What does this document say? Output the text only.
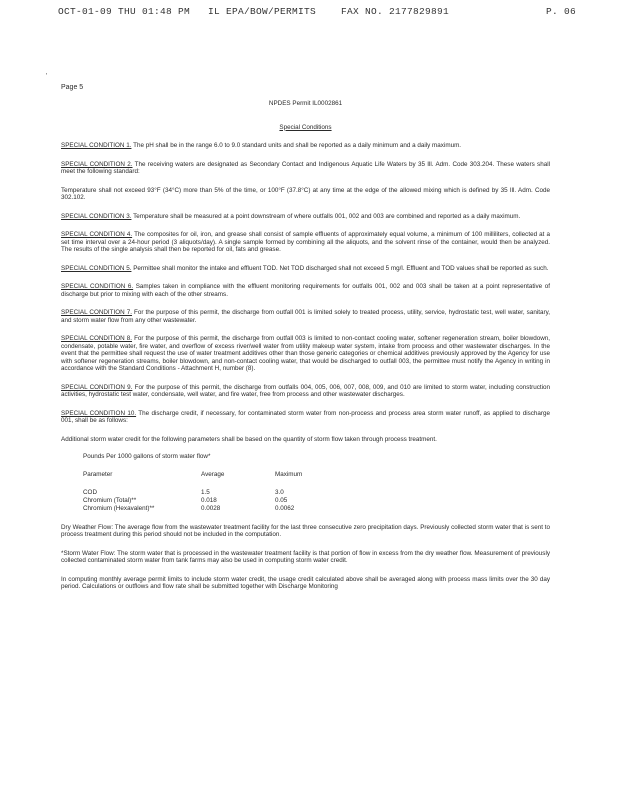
OCT-01-09 THU 01:48 PM IL EPA/BOW/PERMITS	FAX NO. 2177829891	P. 06
'
Page 5
NPDES Permit IL0002861
Special Conditions

SPECIAL CONDITION 1. The pH shall be in the range 6.0 to 9.0 standard units and shall be reported as a daily minimum and a daily maximum.

SPECIAL CONDITION 2. The receiving waters are designated as Secondary Contact and Indigenous Aquatic Life Waters by 35 Ill. Adm. Code 303.204. These waters shall meet the following standard:

Temperature shall not exceed 93°F (34°C) more than 5% of the time, or 100°F (37.8°C) at any time at the edge of the allowed mixing which is defined by 35 Ill. Adm. Code 302.102.

SPECIAL CONDITION 3. Temperature shall be measured at a point downstream of where outfalls 001, 002 and 003 are combined and reported as a daily maximum.

SPECIAL CONDITION 4. The composites for oil, iron, and grease shall consist of sample effluents of approximately equal volume, a minimum of 100 milliliters, collected at a set time interval over a 24-hour period (3 aliquots/day). A single sample formed by combining all the aliquots, and the solvent rinse of the container, would then be analyzed. The results of the single analysis shall then be reported for oil, fats and grease.

SPECIAL CONDITION 5. Permittee shall monitor the intake and effluent TOD. Net TOD discharged shall not exceed 5 mg/l. Effluent and TOD values shall be reported as such.

SPECIAL CONDITION 6. Samples taken in compliance with the effluent monitoring requirements for outfalls 001, 002 and 003 shall be taken at a point representative of discharge but prior to mixing with each of the other streams.

SPECIAL CONDITION 7. For the purpose of this permit, the discharge from outfall 001 is limited solely to treated process, utility, service, hydrostatic test, well water, sanitary, and storm water flow from any other wastewater.

SPECIAL CONDITION 8. For the purpose of this permit, the discharge from outfall 003 is limited to non-contact cooling water, softener regeneration stream, boiler blowdown, condensate, potable water, fire water, and overflow of excess river/well water from utility makeup water system, intake from process and other wastewater discharges. In the event that the permittee shall request the use of water treatment additives other than those generic categories or chemical additives previously approved by the Agency for use with softener regeneration streams, boiler blowdown, and non-contact cooling water, that would be discharged to outfall 003, the permittee must notify the Agency in writing in accordance with the Standard Conditions - Attachment H, number (8).

SPECIAL CONDITION 9. For the purpose of this permit, the discharge from outfalls 004, 005, 006, 007, 008, 009, and 010 are limited to storm water, including construction activities, hydrostatic test water, condensate, well water, and fire water, free from process and other wastewater discharges.

SPECIAL CONDITION 10. The discharge credit, if necessary, for contaminated storm water from non-process and process area storm water runoff, as applied to discharge 001, shall be as follows:

Additional storm water credit for the following parameters shall be based on the quantity of storm flow taken through process treatment.

Pounds Per 1000 gallons of storm water flow*
Parameter	Average	Maximum
COD	1.5	3.0
Chromium (Total)**	0.018	0.05
Chromium (Hexavalent)**	0.0028	0.0062

Dry Weather Flow: The average flow from the wastewater treatment facility for the last three consecutive zero precipitation days. Previously collected storm water that is sent to process treatment during this period should not be included in the computation.

*Storm Water Flow: The storm water that is processed in the wastewater treatment facility is that portion of flow in excess from the dry weather flow. Measurement of previously collected contaminated storm water from tank farms may also be used in computing storm water credit.

In computing monthly average permit limits to include storm water credit, the usage credit calculated above shall be averaged along with process mass limits over the 30 day period. Calculations or outflows and flow rate shall be submitted together with Discharge Monitoring
